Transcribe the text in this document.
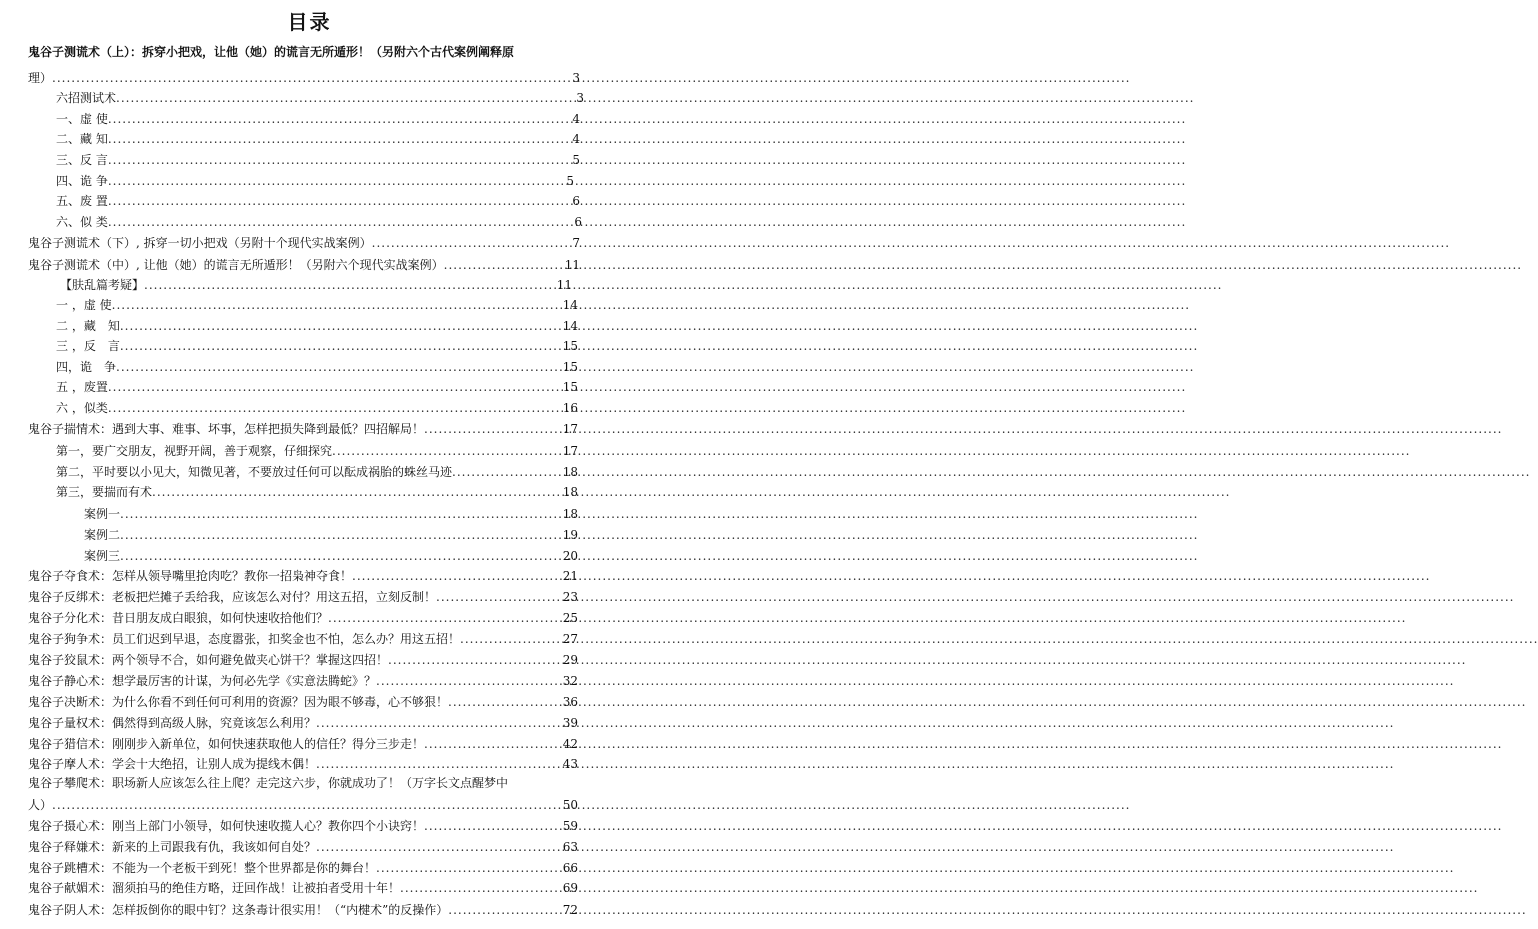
目录
鬼谷子测谎术（上）：拆穿小把戏，让他（她）的谎言无所遁形！（另附六个古代案例阐释原
理） .....	3
六招测试术 .....	3
一、虚 使 .....	4
二、藏 知 .....	4
三、反 言 .....	5
四、诡 争 .....	5
五、废 置 .....	6
六、似 类 .....	6
鬼谷子测谎术（下）, 拆穿一切小把戏（另附十个现代实战案例） .....	7
鬼谷子测谎术（中）, 让他（她）的谎言无所遁形！（另附六个现代实战案例） .....	11
【肤乱篇考疑】 .....	11
一 ，虚 使 .....	14
二 ，藏　知 .....	14
三 ，反　言 .....	15
四，诡　争 .....	15
五 ，废置 .....	15
六 ，似类 .....	16
鬼谷子揣情术：遇到大事、难事、坏事，怎样把损失降到最低？四招解局！ .....	17
第一，要广交朋友，视野开阔，善于观察，仔细探究 .....	17
第二，平时要以小见大，知微见著，不要放过任何可以酝成祸胎的蛛丝马迹 .....	18
第三，要揣而有术 .....	18
案例一 .....	18
案例二 .....	19
案例三 .....	20
鬼谷子夺食术：怎样从领导嘴里抢肉吃？教你一招枭神夺食！ .....	21
鬼谷子反绑术：老板把烂摊子丢给我，应该怎么对付？用这五招，立刻反制！ .....	23
鬼谷子分化术：昔日朋友成白眼狼，如何快速收拾他们？ .....	25
鬼谷子狗争术：员工们迟到早退，态度嚣张，扣奖金也不怕，怎么办？用这五招！ .....	27
鬼谷子狡鼠术：两个领导不合，如何避免做夹心饼干？掌握这四招！ .....	29
鬼谷子静心术：想学最厉害的计谋，为何必先学《实意法腾蛇》？ .....	32
鬼谷子决断术：为什么你看不到任何可利用的资源？因为眼不够毒，心不够狠！ .....	36
鬼谷子量权术：偶然得到高级人脉，究竟该怎么利用？ .....	39
鬼谷子猎信术：刚刚步入新单位，如何快速获取他人的信任？得分三步走！ .....	42
鬼谷子摩人术：学会十大绝招，让别人成为提线木偶！ .....	43
鬼谷子攀爬术：职场新人应该怎么往上爬？走完这六步，你就成功了！（万字长文点醒梦中
人） .....	50
鬼谷子摄心术：刚当上部门小领导，如何快速收揽人心？教你四个小诀窍！ .....	59
鬼谷子释嫌术：新来的上司跟我有仇，我该如何自处？ .....	63
鬼谷子跳槽术：不能为一个老板干到死！整个世界都是你的舞台！ .....	66
鬼谷子献媚术：溜须拍马的绝佳方略，迂回作战！让被拍者受用十年！ .....	69
鬼谷子阴人术：怎样扳倒你的眼中钉？这条毒计很实用！（“内楗术”的反操作） .....	72
